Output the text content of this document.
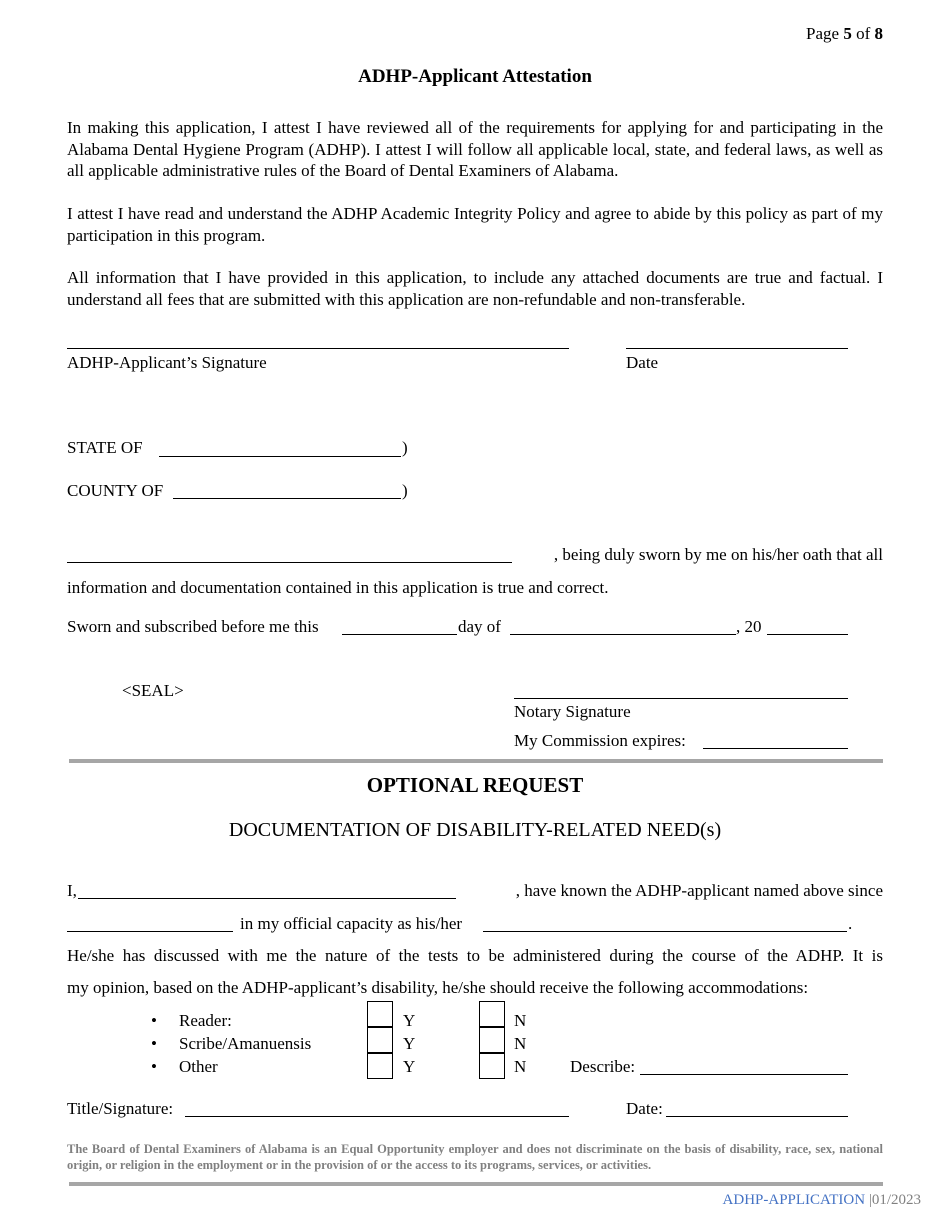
Page 5 of 8
ADHP-Applicant Attestation
In making this application, I attest I have reviewed all of the requirements for applying for and participating in the Alabama Dental Hygiene Program (ADHP). I attest I will follow all applicable local, state, and federal laws, as well as all applicable administrative rules of the Board of Dental Examiners of Alabama.
I attest I have read and understand the ADHP Academic Integrity Policy and agree to abide by this policy as part of my participation in this program.
All information that I have provided in this application, to include any attached documents are true and factual. I understand all fees that are submitted with this application are non-refundable and non-transferable.
ADHP-Applicant’s Signature	Date
STATE OF	)
COUNTY OF	)
, being duly sworn by me on his/her oath that all
information and documentation contained in this application is true and correct.
Sworn and subscribed before me this	day of	, 20
<SEAL>
Notary Signature
My Commission expires:
OPTIONAL REQUEST
DOCUMENTATION OF DISABILITY-RELATED NEED(s)
I,	, have known the ADHP-applicant named above since
in my official capacity as his/her	.
He/she has discussed with me the nature of the tests to be administered during the course of the ADHP. It is
my opinion, based on the ADHP-applicant’s disability, he/she should receive the following accommodations:
• Reader:	Y	N
• Scribe/Amanuensis	Y	N
• Other	Y	N	Describe:
Title/Signature:	Date:
The Board of Dental Examiners of Alabama is an Equal Opportunity employer and does not discriminate on the basis of disability, race, sex, national origin, or religion in the employment or in the provision of or the access to its programs, services, or activities.
ADHP-APPLICATION |01/2023
